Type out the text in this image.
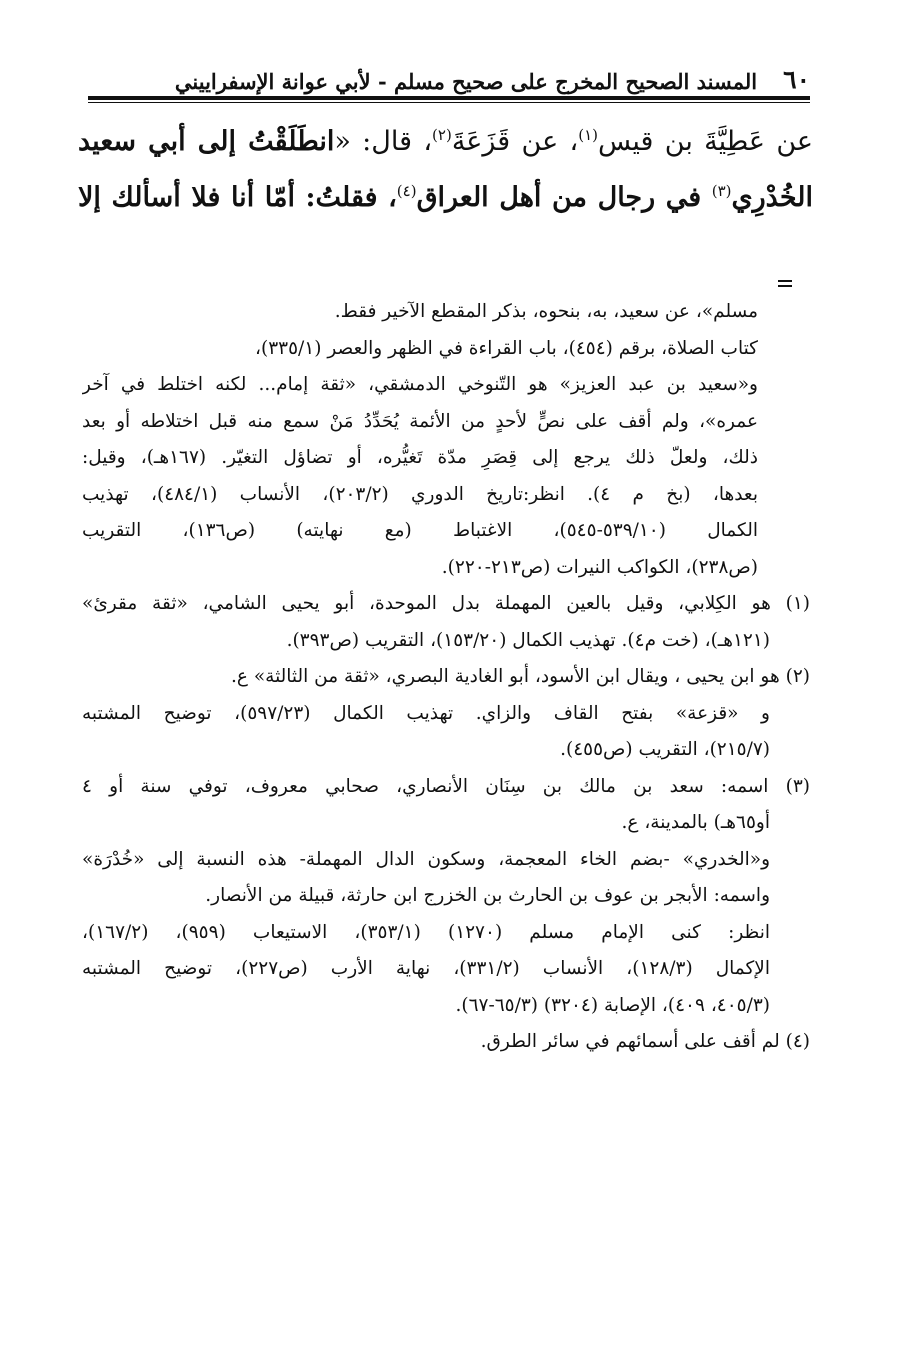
٦٠
المسند الصحيح المخرج على صحيح مسلم - لأبي عوانة الإسفراييني
عن عَطِيَّةَ بن قيس$^{(١)}$، عن قَزَعَةَ$^{(٢)}$، قال: «انطَلَقْتُ إلى أبي سعيد الخُدْرِي$^{(٣)}$ في رجال من أهل العراق$^{(٤)}$، فقلتُ: أمّا أنا فلا أسألك إلا
مسلم»، عن سعيد، به، بنحوه، بذكر المقطع الآخير فقط.
كتاب الصلاة، برقم (٤٥٤)، باب القراءة في الظهر والعصر (٣٣٥/١)،
و«سعيد بن عبد العزيز» هو التّنوخي الدمشقي، «ثقة إمام... لكنه اختلط في آخر
عمره»، ولم أقف على نصٍّ لأحدٍ من الأئمة يُحَدِّدُ مَنْ سمع منه قبل اختلاطه أو بعد
ذلك، ولعلّ ذلك يرجع إلى قِصَرِ مدّة تَغيُّره، أو تضاؤل التغيّر. (١٦٧هـ)، وقيل:
بعدها، (بخ م ٤). انظر:تاريخ الدوري (٢٠٣/٢)، الأنساب (٤٨٤/١)، تهذيب
الكمال (٥٣٩/١٠-٥٤٥)، الاغتباط (مع نهايته) (ص١٣٦)، التقريب
(ص٢٣٨)، الكواكب النيرات (ص٢١٣-٢٢٠).
(١) هو الكِلابي، وقيل بالعين المهملة بدل الموحدة، أبو يحيى الشامي، «ثقة مقرئ»
(١٢١هـ)، (خت م٤). تهذيب الكمال (١٥٣/٢٠)، التقريب (ص٣٩٣).
(٢) هو ابن يحيى ، ويقال ابن الأسود، أبو الغادية البصري، «ثقة من الثالثة» ع.
و «قزعة» بفتح القاف والزاي. تهذيب الكمال (٥٩٧/٢٣)، توضيح المشتبه
(٢١٥/٧)، التقريب (ص٤٥٥).
(٣) اسمه: سعد بن مالك بن سِنَان الأنصاري، صحابي معروف، توفي سنة أو ٤
أو٦٥هـ) بالمدينة، ع.
و«الخدري» -بضم الخاء المعجمة، وسكون الدال المهملة- هذه النسبة إلى «خُدْرَة»
واسمه: الأبجر بن عوف بن الحارث بن الخزرج ابن حارثة، قبيلة من الأنصار.
انظر: كنى الإمام مسلم (١٢٧٠) (٣٥٣/١)، الاستيعاب (٩٥٩)، (١٦٧/٢)،
الإكمال (١٢٨/٣)، الأنساب (٣٣١/٢)، نهاية الأرب (ص٢٢٧)، توضيح المشتبه
(٤٠٥/٣، ٤٠٩)، الإصابة (٣٢٠٤) (٦٥/٣-٦٧).
(٤) لم أقف على أسمائهم في سائر الطرق.
